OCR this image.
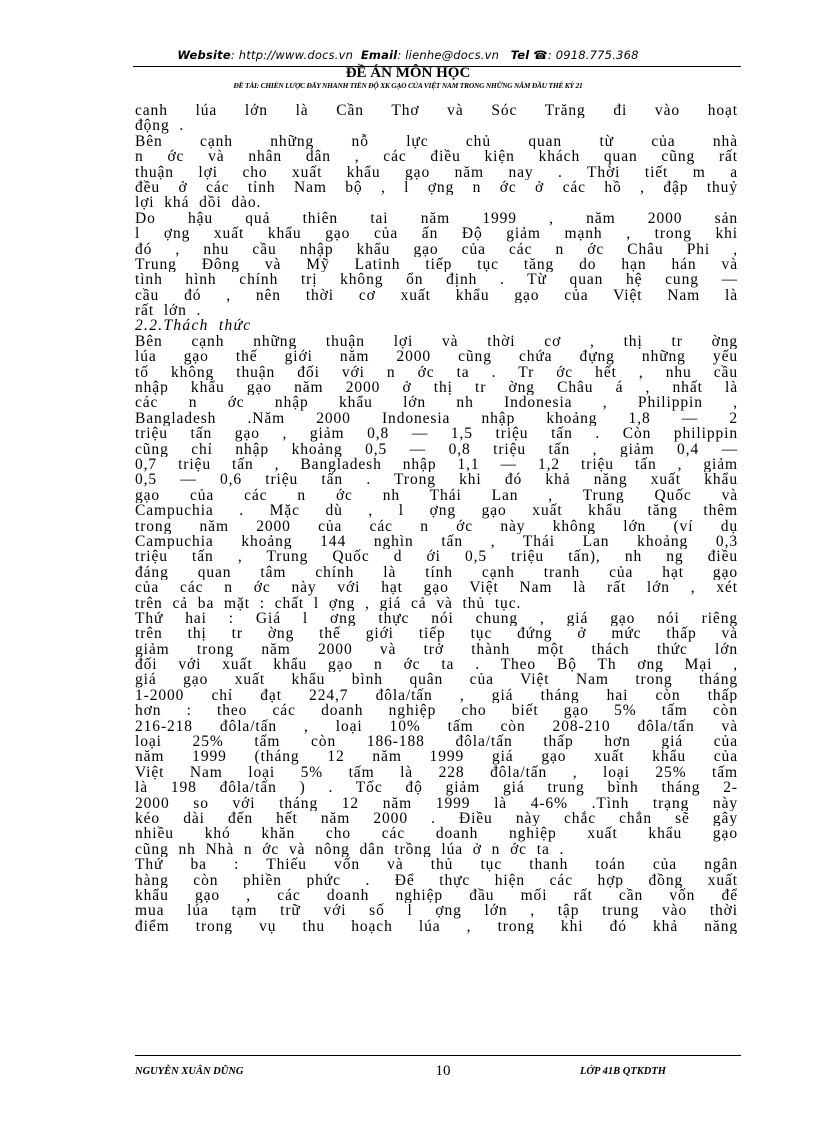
Website: http://www.docs.vn Email: lienhe@docs.vn Tel ☎: 0918.775.368
ĐỀ ÁN MÔN HỌC
ĐỀ TÀI: CHIẾN LƯỢC ĐẨY NHANH TIẾN ĐỘ XK GẠO CỦA VIỆT NAM TRONG NHỮNG NĂM ĐẦU THẾ KỶ 21
canh lúa lớn là Cần Thơ và Sóc Trăng đi vào hoạt
động .
Bên cạnh những nỗ lực chủ quan từ của nhà
n ớc và nhân dân , các điều kiện khách quan cũng rất
thuận lợi cho xuất khẩu gạo năm nay . Thời tiết m a
đều ở các tỉnh Nam bộ , l ợng n ớc ở các hồ , đập thuỷ
lợi khá dồi dào.
Do hậu quả thiên tai năm 1999 , năm 2000 sản
l ợng xuất khẩu gạo của ấn Độ giảm mạnh , trong khi
đó , nhu cầu nhập khẩu gạo của các n ớc Châu Phi ,
Trung Đông và Mỹ Latinh tiếp tục tăng do hạn hán và
tình hình chính trị không ổn định . Từ quan hệ cung —
cầu đó , nên thời cơ xuất khẩu gạo của Việt Nam là
rất lớn .
2.2.Thách thức
Bên cạnh những thuận lợi và thời cơ , thị tr ờng
lúa gạo thế giới năm 2000 cũng chứa đựng những yếu
tố không thuận đối với n ớc ta . Tr ớc hết , nhu cầu
nhập khẩu gạo năm 2000 ở thị tr ờng Châu á , nhất là
các n ớc nhập khẩu lớn nh Indonesia , Philippin ,
Bangladesh .Năm 2000 Indonesia nhập khoảng 1,8 — 2
triệu tấn gạo , giảm 0,8 — 1,5 triệu tấn . Còn philippin
cũng chỉ nhập khoảng 0,5 — 0,8 triệu tấn , giảm 0,4 —
0,7 triệu tấn , Bangladesh nhập 1,1 — 1,2 triệu tấn , giảm
0,5 — 0,6 triệu tấn . Trong khi đó khả năng xuất khẩu
gạo của các n ớc nh Thái Lan , Trung Quốc và
Campuchia . Mặc dù , l ợng gạo xuất khẩu tăng thêm
trong năm 2000 của các n ớc này không lớn (ví dụ
Campuchia khoảng 144 nghìn tấn , Thái Lan khoảng 0,3
triệu tấn , Trung Quốc d ới 0,5 triệu tấn), nh ng điều
đáng quan tâm chính là tính cạnh tranh của hạt gạo
của các n ớc này với hạt gạo Việt Nam là rất lớn , xét
trên cả ba mặt : chất l ợng , giá cả và thủ tục.
Thứ hai : Giá l ơng thực nói chung , giá gạo nói riêng
trên thị tr ờng thế giới tiếp tục đứng ở mức thấp và
giảm trong năm 2000 và trở thành một thách thức lớn
đối với xuất khẩu gạo n ớc ta . Theo Bộ Th ơng Mại ,
giá gạo xuất khẩu bình quân của Việt Nam trong tháng
1-2000 chỉ đạt 224,7 đôla/tấn , giá tháng hai còn thấp
hơn : theo các doanh nghiệp cho biết gạo 5% tấm còn
216-218 đôla/tấn , loại 10% tấm còn 208-210 đôla/tấn và
loại 25% tấm còn 186-188 đôla/tấn thấp hơn giá của
năm 1999 (tháng 12 năm 1999 giá gạo xuất khẩu của
Việt Nam loại 5% tấm là 228 đôla/tấn , loại 25% tấm
là 198 đôla/tấn ) . Tốc độ giảm giá trung bình tháng 2-
2000 so với tháng 12 năm 1999 là 4-6% .Tình trạng này
kéo dài đến hết năm 2000 . Điều này chắc chắn sẽ gây
nhiều khó khăn cho các doanh nghiệp xuất khẩu gạo
cũng nh Nhà n ớc và nông dân trồng lúa ở n ớc ta .
Thứ ba : Thiếu vốn và thủ tục thanh toán của ngân
hàng còn phiền phức . Để thực hiện các hợp đồng xuất
khẩu gạo , các doanh nghiệp đầu mối rất cần vốn để
mua lúa tạm trữ với số l ợng lớn , tập trung vào thời
điểm trong vụ thu hoạch lúa , trong khi đó khả năng
NGUYỄN XUÂN DŨNG	10	LỚP 41B QTKDTH
